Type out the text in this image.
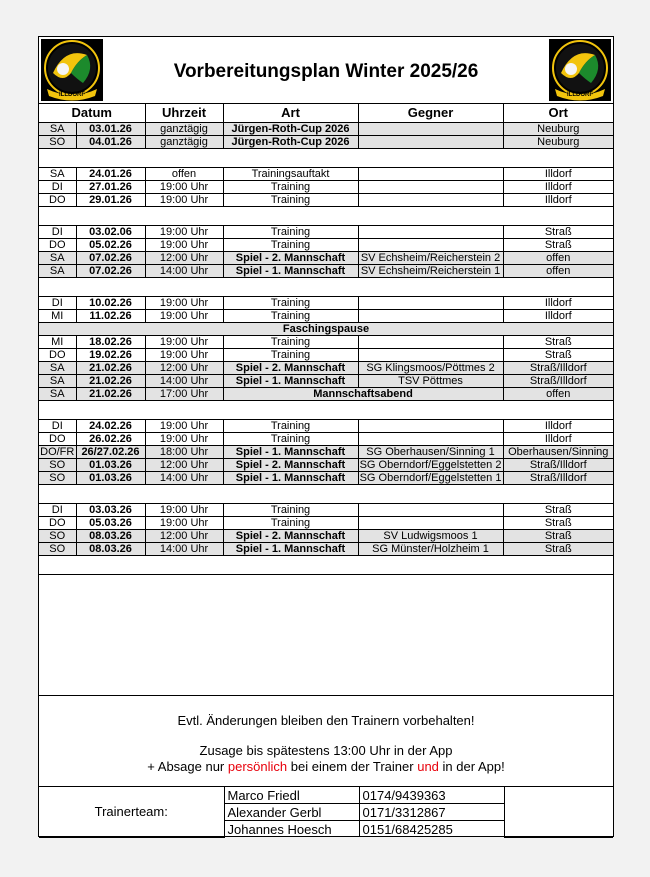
ILLDORF
Vorbereitungsplan Winter 2025/26
ILLDORF
Datum		Uhrzeit	Art	Gegner	Ort
SA	03.01.26	ganztägig	Jürgen-Roth-Cup 2026		Neuburg
SO	04.01.26	ganztägig	Jürgen-Roth-Cup 2026		Neuburg

SA	24.01.26	offen	Trainingsauftakt		Illdorf
DI	27.01.26	19:00 Uhr	Training		Illdorf
DO	29.01.26	19:00 Uhr	Training		Illdorf

DI	03.02.06	19:00 Uhr	Training		Straß
DO	05.02.26	19:00 Uhr	Training		Straß
SA	07.02.26	12:00 Uhr	Spiel - 2. Mannschaft	SV Echsheim/Reicherstein 2	offen
SA	07.02.26	14:00 Uhr	Spiel - 1. Mannschaft	SV Echsheim/Reicherstein 1	offen

DI	10.02.26	19:00 Uhr	Training		Illdorf
MI	11.02.26	19:00 Uhr	Training		Illdorf
Faschingspause					
MI	18.02.26	19:00 Uhr	Training		Straß
DO	19.02.26	19:00 Uhr	Training		Straß
SA	21.02.26	12:00 Uhr	Spiel - 2. Mannschaft	SG Klingsmoos/Pöttmes 2	Straß/Illdorf
SA	21.02.26	14:00 Uhr	Spiel - 1. Mannschaft	TSV Pöttmes	Straß/Illdorf
SA	21.02.26	17:00 Uhr	Mannschaftsabend		offen

DI	24.02.26	19:00 Uhr	Training		Illdorf
DO	26.02.26	19:00 Uhr	Training		Illdorf
DO/FR	26/27.02.26	18:00 Uhr	Spiel - 1. Mannschaft	SG Oberhausen/Sinning 1	Oberhausen/Sinning
SO	01.03.26	12:00 Uhr	Spiel - 2. Mannschaft	SG Oberndorf/Eggelstetten 2	Straß/Illdorf
SO	01.03.26	14:00 Uhr	Spiel - 1. Mannschaft	SG Oberndorf/Eggelstetten 1	Straß/Illdorf

DI	03.03.26	19:00 Uhr	Training		Straß
DO	05.03.26	19:00 Uhr	Training		Straß
SO	08.03.26	12:00 Uhr	Spiel - 2. Mannschaft	SV Ludwigsmoos 1	Straß
SO	08.03.26	14:00 Uhr	Spiel - 1. Mannschaft	SG Münster/Holzheim 1	Straß

Evtl. Änderungen bleiben den Trainern vorbehalten!
Zusage bis spätestens 13:00 Uhr in der App
+ Absage nur persönlich bei einem der Trainer und in der App!
Trainerteam:	Marco Friedl	0174/9439363	
	Alexander Gerbl	0171/3312867	
	Johannes Hoesch	0151/68425285	
